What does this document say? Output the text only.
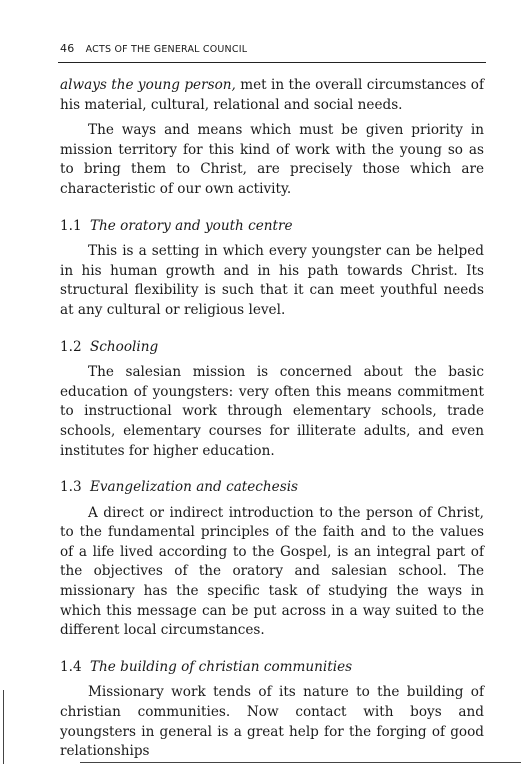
46 ACTS OF THE GENERAL COUNCIL

always the young person, met in the overall circumstances of his material, cultural, relational and social needs.

The ways and means which must be given priority in mission territory for this kind of work with the young so as to bring them to Christ, are precisely those which are characteristic of our own activity.

1.1 The oratory and youth centre

This is a setting in which every youngster can be helped in his human growth and in his path towards Christ. Its structural flexibility is such that it can meet youthful needs at any cultural or religious level.

1.2 Schooling

The salesian mission is concerned about the basic education of youngsters: very often this means commitment to instructional work through elementary schools, trade schools, elementary courses for illiterate adults, and even institutes for higher education.

1.3 Evangelization and catechesis

A direct or indirect introduction to the person of Christ, to the fundamental principles of the faith and to the values of a life lived according to the Gospel, is an integral part of the objectives of the oratory and salesian school. The missionary has the specific task of studying the ways in which this message can be put across in a way suited to the different local circumstances.

1.4 The building of christian communities

Missionary work tends of its nature to the building of christian communities. Now contact with boys and youngsters in general is a great help for the forging of good relationships
